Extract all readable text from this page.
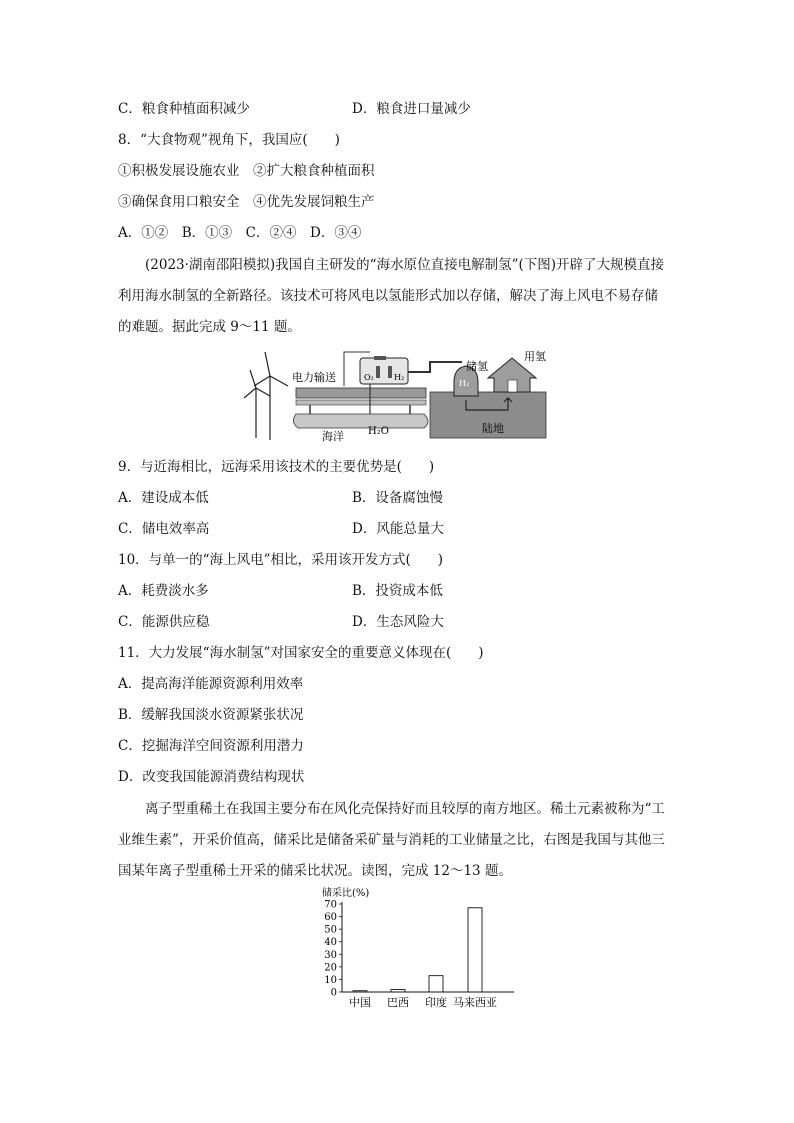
C．粮食种植面积减少	D．粮食进口量减少
8．“大食物观”视角下，我国应(　　)
①积极发展设施农业　②扩大粮食种植面积
③确保食用口粮安全　④优先发展饲粮生产
A．①②　B．①③　C．②④　D．③④
(2023·湖南邵阳模拟)我国自主研发的“海水原位直接电解制氢”(下图)开辟了大规模直接
利用海水制氢的全新路径。该技术可将风电以氢能形式加以存储，解决了海上风电不易存储
的难题。据此完成 9～11 题。
O₂	H₂
H₂
电力输送
储氢
用氢
海洋 H₂O	陆地
9．与近海相比，远海采用该技术的主要优势是(　　)
A．建设成本低	B．设备腐蚀慢
C．储电效率高	D．风能总量大
10．与单一的“海上风电”相比，采用该开发方式(　　)
A．耗费淡水多	B．投资成本低
C．能源供应稳	D．生态风险大
11．大力发展“海水制氢”对国家安全的重要意义体现在(　　)
A．提高海洋能源资源利用效率
B．缓解我国淡水资源紧张状况
C．挖掘海洋空间资源利用潜力
D．改变我国能源消费结构现状
离子型重稀土在我国主要分布在风化壳保持好而且较厚的南方地区。稀土元素被称为“工
业维生素”，开采价值高，储采比是储备采矿量与消耗的工业储量之比，右图是我国与其他三
国某年离子型重稀土开采的储采比状况。读图，完成 12～13 题。
储采比(%)
0
10
20
30
40
50
60
70
中国 巴西 印度 马来西亚
